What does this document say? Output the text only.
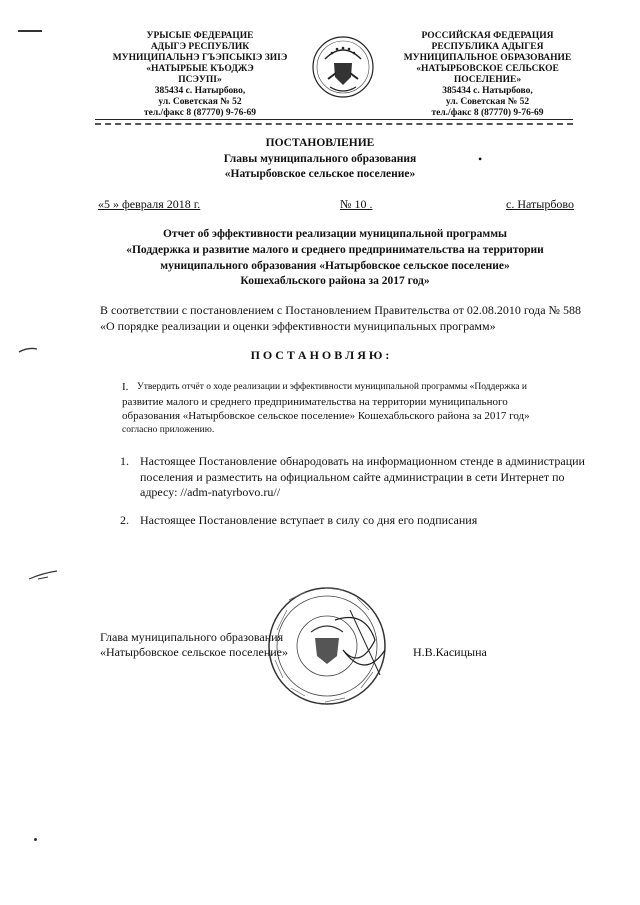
УРЫСЫЕ ФЕДЕРАЦИЕ
АДЫГЭ РЕСПУБЛИК
МУНИЦИПАЛЬНЭ ГЪЭПСЫКIЭ ЗИIЭ
«НАТЫРБЫЕ КЪОДЖЭ
ПСЭУПI»
385434 с. Натырбово,
ул. Советская № 52
тел./факс 8 (87770) 9-76-69
РОССИЙСКАЯ ФЕДЕРАЦИЯ
РЕСПУБЛИКА АДЫГЕЯ
МУНИЦИПАЛЬНОЕ ОБРАЗОВАНИЕ
«НАТЫРБОВСКОЕ СЕЛЬСКОЕ
ПОСЕЛЕНИЕ»
385434 с. Натырбово,
ул. Советская № 52
тел./факс 8 (87770) 9-76-69
ПОСТАНОВЛЕНИЕ
Главы муниципального образования	•
«Натырбовское сельское поселение»
«5 » февраля 2018 г.	№ 10 .	с. Натырбово
Отчет об эффективности реализации муниципальной программы
«Поддержка и развитие малого и среднего предпринимательства на территории
муниципального образования «Натырбовское сельское поселение»
Кошехабльского района за 2017 год»
В соответствии с постановлением с Постановлением Правительства от 02.08.2010 года № 588
«О порядке реализации и оценки эффективности муниципальных программ»
П О С Т А Н О В Л Я Ю :
I. Утвердить отчёт о ходе реализации и эффективности муниципальной программы «Поддержка и
развитие малого и среднего предпринимательства на территории муниципального
образования «Натырбовское сельское поселение» Кошехабльского района за 2017 год»
согласно приложению.
1. Настоящее Постановление обнародовать на информационном стенде в администрации
поселения и разместить на официальном сайте администрации в сети Интернет по
адресу: //adm-natyrbovo.ru//
2. Настоящее Постановление вступает в силу со дня его подписания
Глава муниципального образования
«Натырбовское сельское поселение»	Н.В.Касицына
